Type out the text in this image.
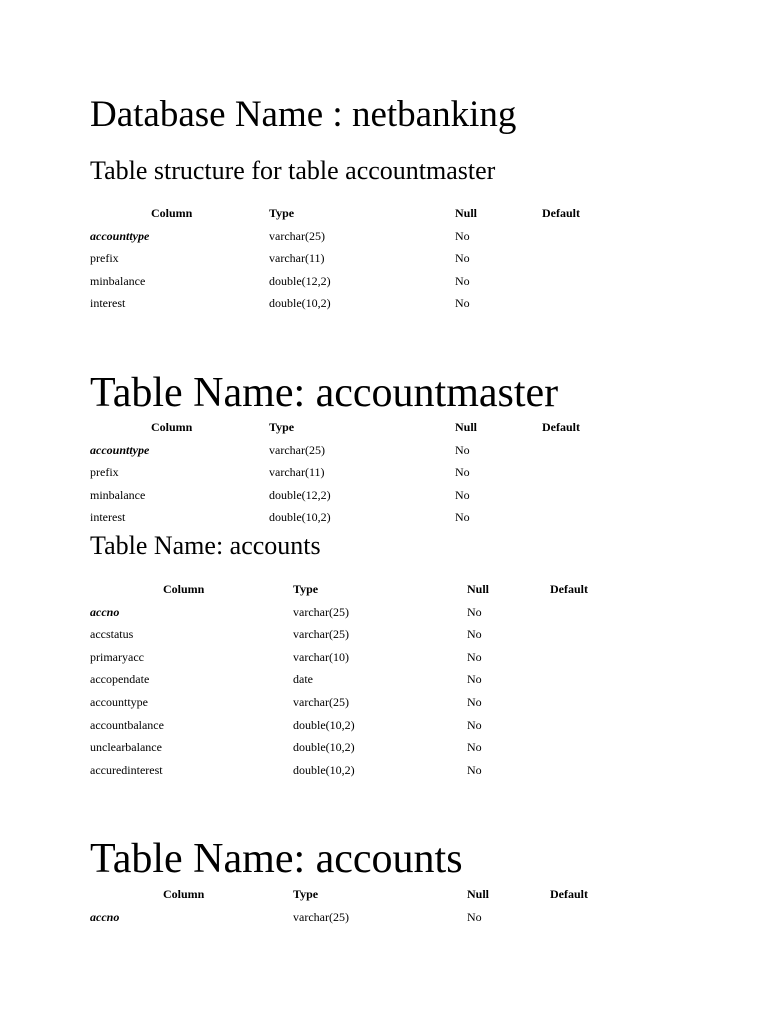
Database Name : netbanking
Table structure for table accountmaster
Column	Type	Null	Default
accounttype	varchar(25)	No
prefix	varchar(11)	No
minbalance	double(12,2)	No
interest	double(10,2)	No
Table Name: accountmaster
Column	Type	Null	Default
accounttype	varchar(25)	No
prefix	varchar(11)	No
minbalance	double(12,2)	No
interest	double(10,2)	No
Table Name: accounts
Column	Type	Null	Default
accno	varchar(25)	No
accstatus	varchar(25)	No
primaryacc	varchar(10)	No
accopendate	date	No
accounttype	varchar(25)	No
accountbalance	double(10,2)	No
unclearbalance	double(10,2)	No
accuredinterest	double(10,2)	No
Table Name: accounts
Column	Type	Null	Default
accno	varchar(25)	No
